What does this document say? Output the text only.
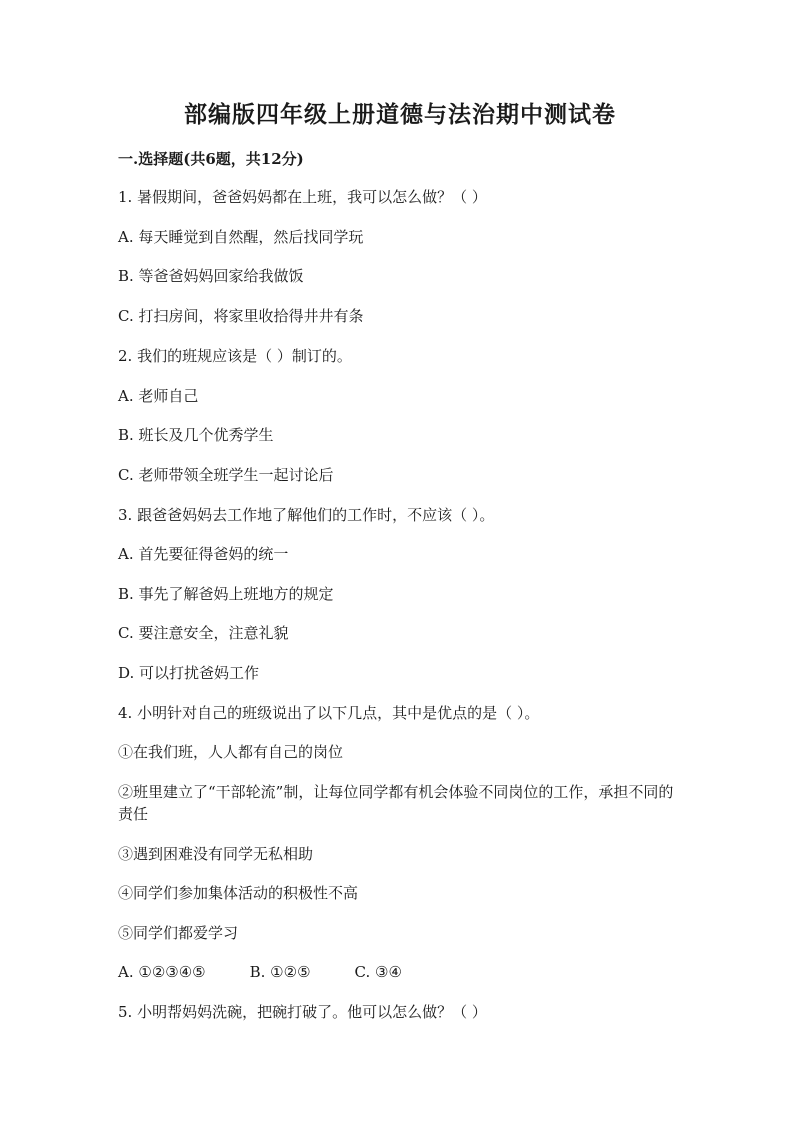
部编版四年级上册道德与法治期中测试卷
一.选择题(共6题，共12分)
1. 暑假期间，爸爸妈妈都在上班，我可以怎么做？（ ）
A. 每天睡觉到自然醒，然后找同学玩
B. 等爸爸妈妈回家给我做饭
C. 打扫房间，将家里收拾得井井有条
2. 我们的班规应该是（ ）制订的。
A. 老师自己
B. 班长及几个优秀学生
C. 老师带领全班学生一起讨论后
3. 跟爸爸妈妈去工作地了解他们的工作时，不应该（ ）。
A. 首先要征得爸妈的统一
B. 事先了解爸妈上班地方的规定
C. 要注意安全，注意礼貌
D. 可以打扰爸妈工作
4. 小明针对自己的班级说出了以下几点，其中是优点的是（ ）。
①在我们班，人人都有自己的岗位
②班里建立了“干部轮流”制，让每位同学都有机会体验不同岗位的工作，承担不同的责任
③遇到困难没有同学无私相助
④同学们参加集体活动的积极性不高
⑤同学们都爱学习
A. ①②③④⑤	B. ①②⑤	C. ③④
5. 小明帮妈妈洗碗，把碗打破了。他可以怎么做？（ ）
